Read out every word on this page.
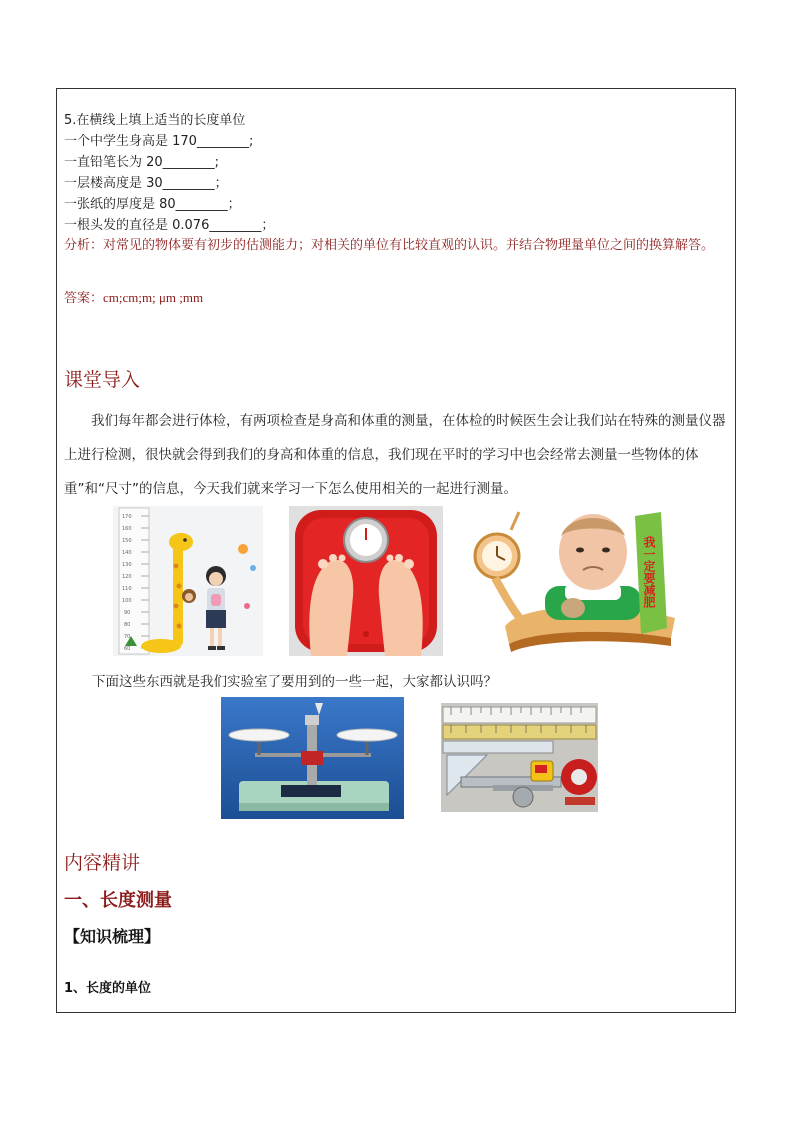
5.在横线上填上适当的长度单位
一个中学生身高是 170________;
一直铅笔长为 20________;
一层楼高度是 30________；
一张纸的厚度是 80________；
一根头发的直径是 0.076________；
分析：对常见的物体要有初步的估测能力；对相关的单位有比较直观的认识。并结合物理量单位之间的换算解答。
答案：cm;cm;m; μm ;mm
课堂导入
我们每年都会进行体检，有两项检查是身高和体重的测量，在体检的时候医生会让我们站在特殊的测量仪器上进行检测，很快就会得到我们的身高和体重的信息，我们现在平时的学习中也会经常去测量一些物体的体重”和“尺寸”的信息，今天我们就来学习一下怎么使用相关的一起进行测量。
170
160
150
140
130
120
110
100
90
80
70
60
我一定要减肥
下面这些东西就是我们实验室了要用到的一些一起，大家都认识吗？
内容精讲
一、长度测量
【知识梳理】
1、长度的单位
